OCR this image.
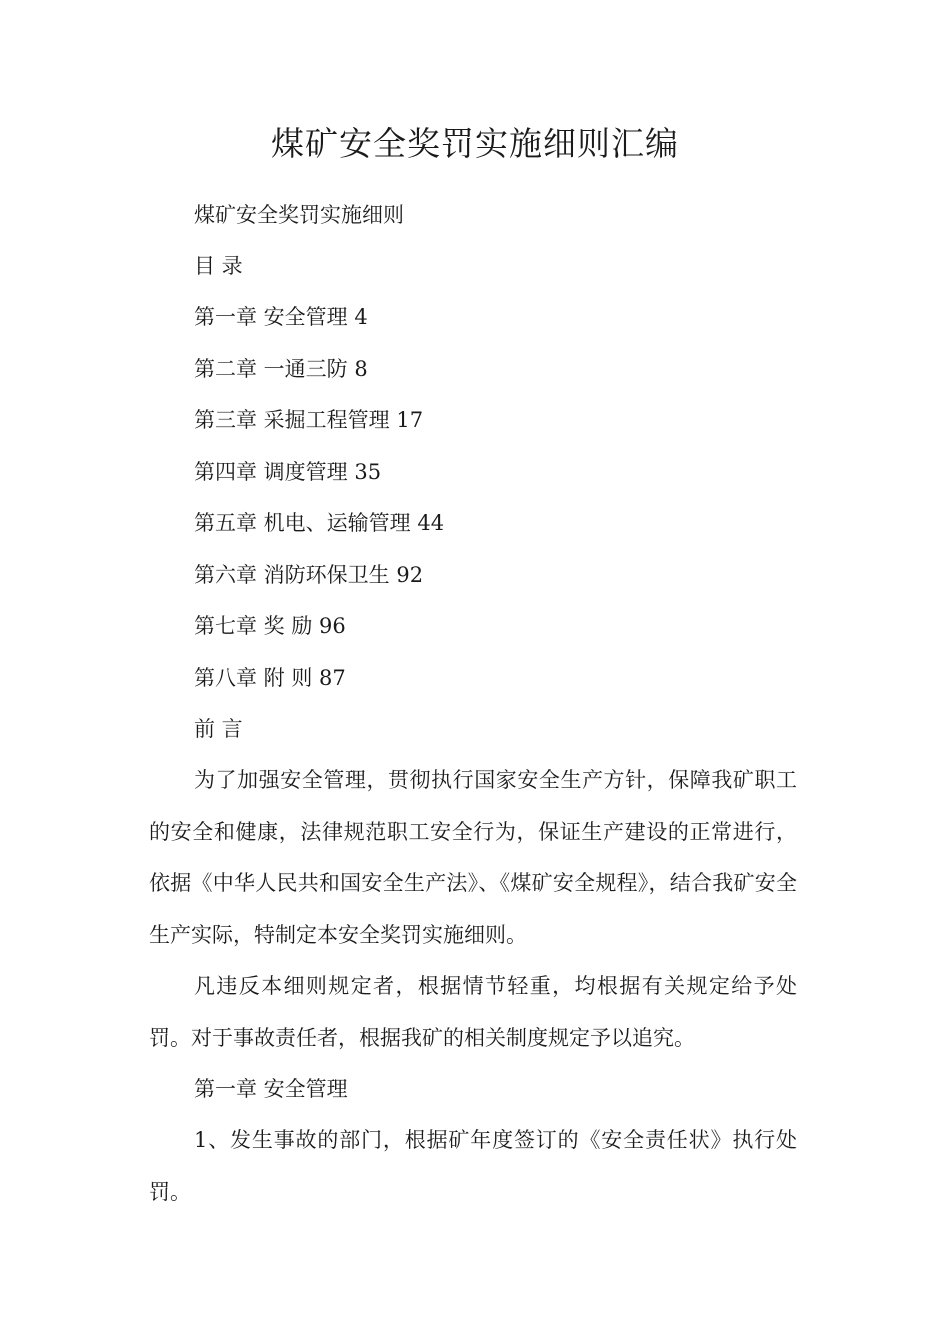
煤矿安全奖罚实施细则汇编

煤矿安全奖罚实施细则

目 录

第一章 安全管理 4

第二章 一通三防 8

第三章 采掘工程管理 17

第四章 调度管理 35

第五章 机电、运输管理 44

第六章 消防环保卫生 92

第七章 奖 励 96

第八章 附 则 87

前 言

为了加强安全管理，贯彻执行国家安全生产方针，保障我矿职工的安全和健康，法律规范职工安全行为，保证生产建设的正常进行，依据《中华人民共和国安全生产法》、《煤矿安全规程》，结合我矿安全生产实际，特制定本安全奖罚实施细则。

凡违反本细则规定者，根据情节轻重，均根据有关规定给予处罚。对于事故责任者，根据我矿的相关制度规定予以追究。

第一章 安全管理

1、发生事故的部门，根据矿年度签订的《安全责任状》执行处罚。
